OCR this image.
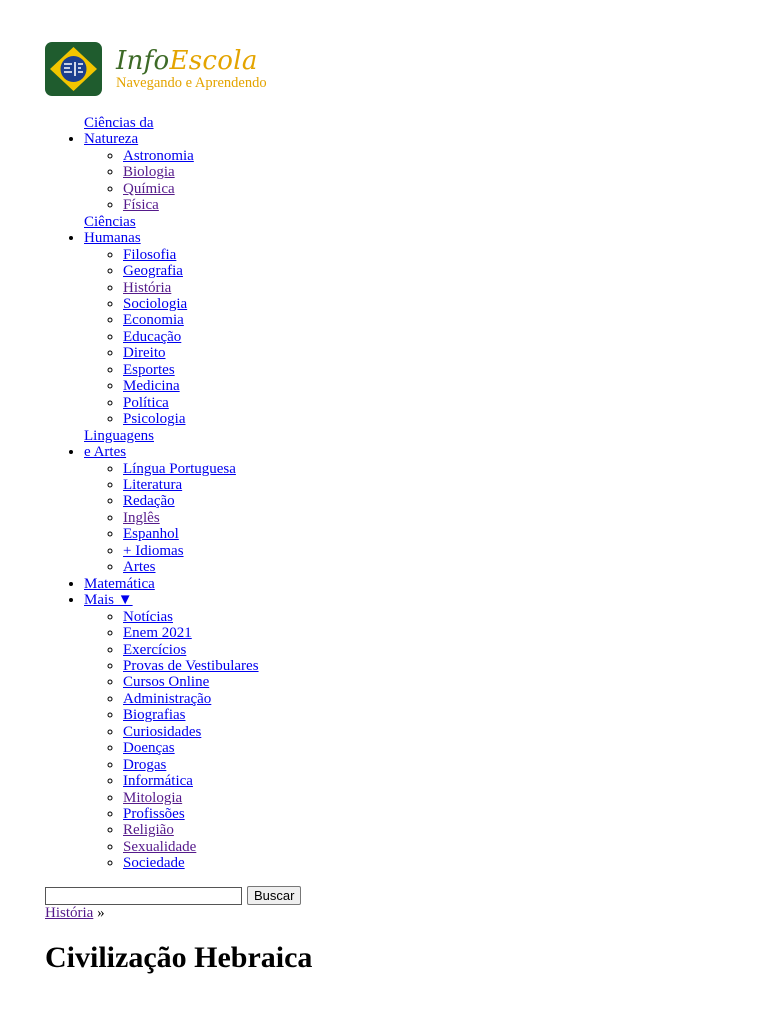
InfoEscola
Navegando e Aprendendo
• Ciências da Natureza
◦ Astronomia
◦ Biologia
◦ Química
◦ Física
• Ciências Humanas
◦ Filosofia
◦ Geografia
◦ História
◦ Sociologia
◦ Economia
◦ Educação
◦ Direito
◦ Esportes
◦ Medicina
◦ Política
◦ Psicologia
• Linguagens e Artes
◦ Língua Portuguesa
◦ Literatura
◦ Redação
◦ Inglês
◦ Espanhol
◦ + Idiomas
◦ Artes
• Matemática
• Mais ▼
◦ Notícias
◦ Enem 2021
◦ Exercícios
◦ Provas de Vestibulares
◦ Cursos Online
◦ Administração
◦ Biografias
◦ Curiosidades
◦ Doenças
◦ Drogas
◦ Informática
◦ Mitologia
◦ Profissões
◦ Religião
◦ Sexualidade
◦ Sociedade
Buscar
História »
Civilização Hebraica
